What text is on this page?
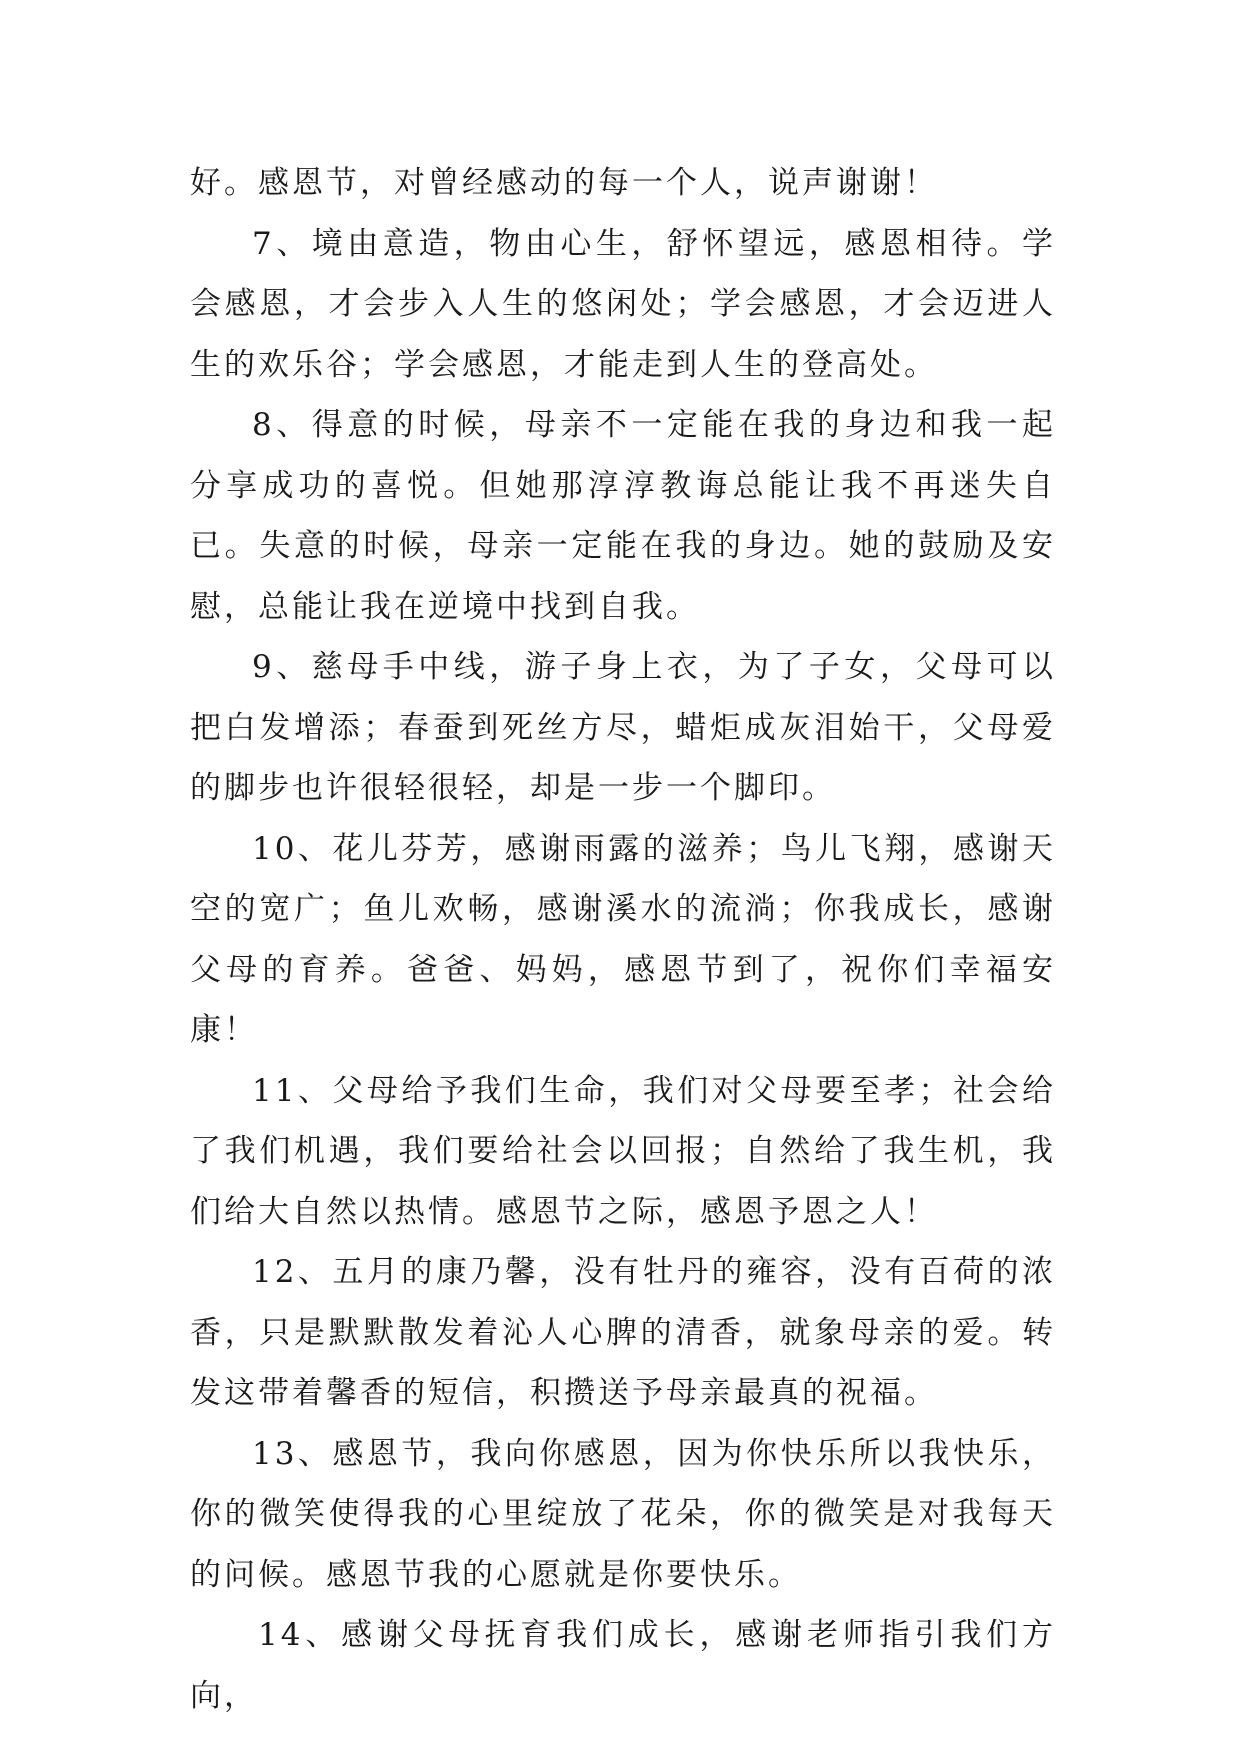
好。感恩节，对曾经感动的每一个人，说声谢谢！

7、境由意造，物由心生，舒怀望远，感恩相待。学会感恩，才会步入人生的悠闲处；学会感恩，才会迈进人生的欢乐谷；学会感恩，才能走到人生的登高处。

8、得意的时候，母亲不一定能在我的身边和我一起分享成功的喜悦。但她那淳淳教诲总能让我不再迷失自已。失意的时候，母亲一定能在我的身边。她的鼓励及安慰，总能让我在逆境中找到自我。

9、慈母手中线，游子身上衣，为了子女，父母可以把白发增添；春蚕到死丝方尽，蜡炬成灰泪始干，父母爱的脚步也许很轻很轻，却是一步一个脚印。

10、花儿芬芳，感谢雨露的滋养；鸟儿飞翔，感谢天空的宽广；鱼儿欢畅，感谢溪水的流淌；你我成长，感谢父母的育养。爸爸、妈妈，感恩节到了，祝你们幸福安康！

11、父母给予我们生命，我们对父母要至孝；社会给了我们机遇，我们要给社会以回报；自然给了我生机，我们给大自然以热情。感恩节之际，感恩予恩之人！

12、五月的康乃馨，没有牡丹的雍容，没有百荷的浓香，只是默默散发着沁人心脾的清香，就象母亲的爱。转发这带着馨香的短信，积攒送予母亲最真的祝福。

13、感恩节，我向你感恩，因为你快乐所以我快乐，你的微笑使得我的心里绽放了花朵，你的微笑是对我每天的问候。感恩节我的心愿就是你要快乐。

14、感谢父母抚育我们成长，感谢老师指引我们方向，
